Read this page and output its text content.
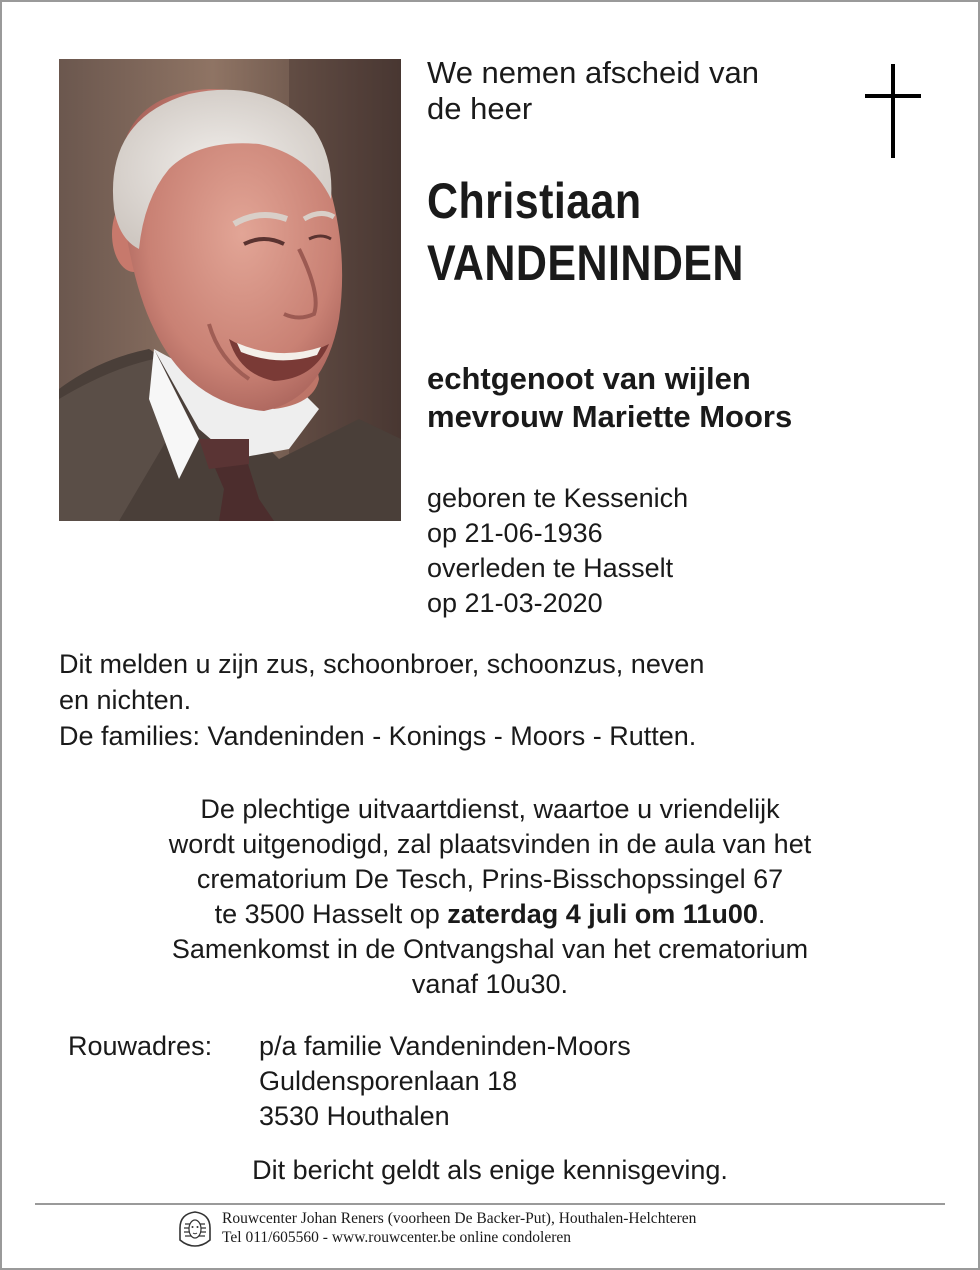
We nemen afscheid van
de heer
Christiaan
VANDENINDEN
echtgenoot van wijlen
mevrouw Mariette Moors
geboren te Kessenich
op 21-06-1936
overleden te Hasselt
op 21-03-2020
Dit melden u zijn zus, schoonbroer, schoonzus, neven
en nichten.
De families: Vandeninden - Konings - Moors - Rutten.
De plechtige uitvaartdienst, waartoe u vriendelijk
wordt uitgenodigd, zal plaatsvinden in de aula van het
crematorium De Tesch, Prins-Bisschopssingel 67
te 3500 Hasselt op zaterdag 4 juli om 11u00.
Samenkomst in de Ontvangshal van het crematorium
vanaf 10u30.
Rouwadres: p/a familie Vandeninden-Moors
Guldensporenlaan 18
3530 Houthalen
Dit bericht geldt als enige kennisgeving.
Rouwcenter Johan Reners (voorheen De Backer-Put), Houthalen-Helchteren
Tel 011/605560 - www.rouwcenter.be online condoleren
